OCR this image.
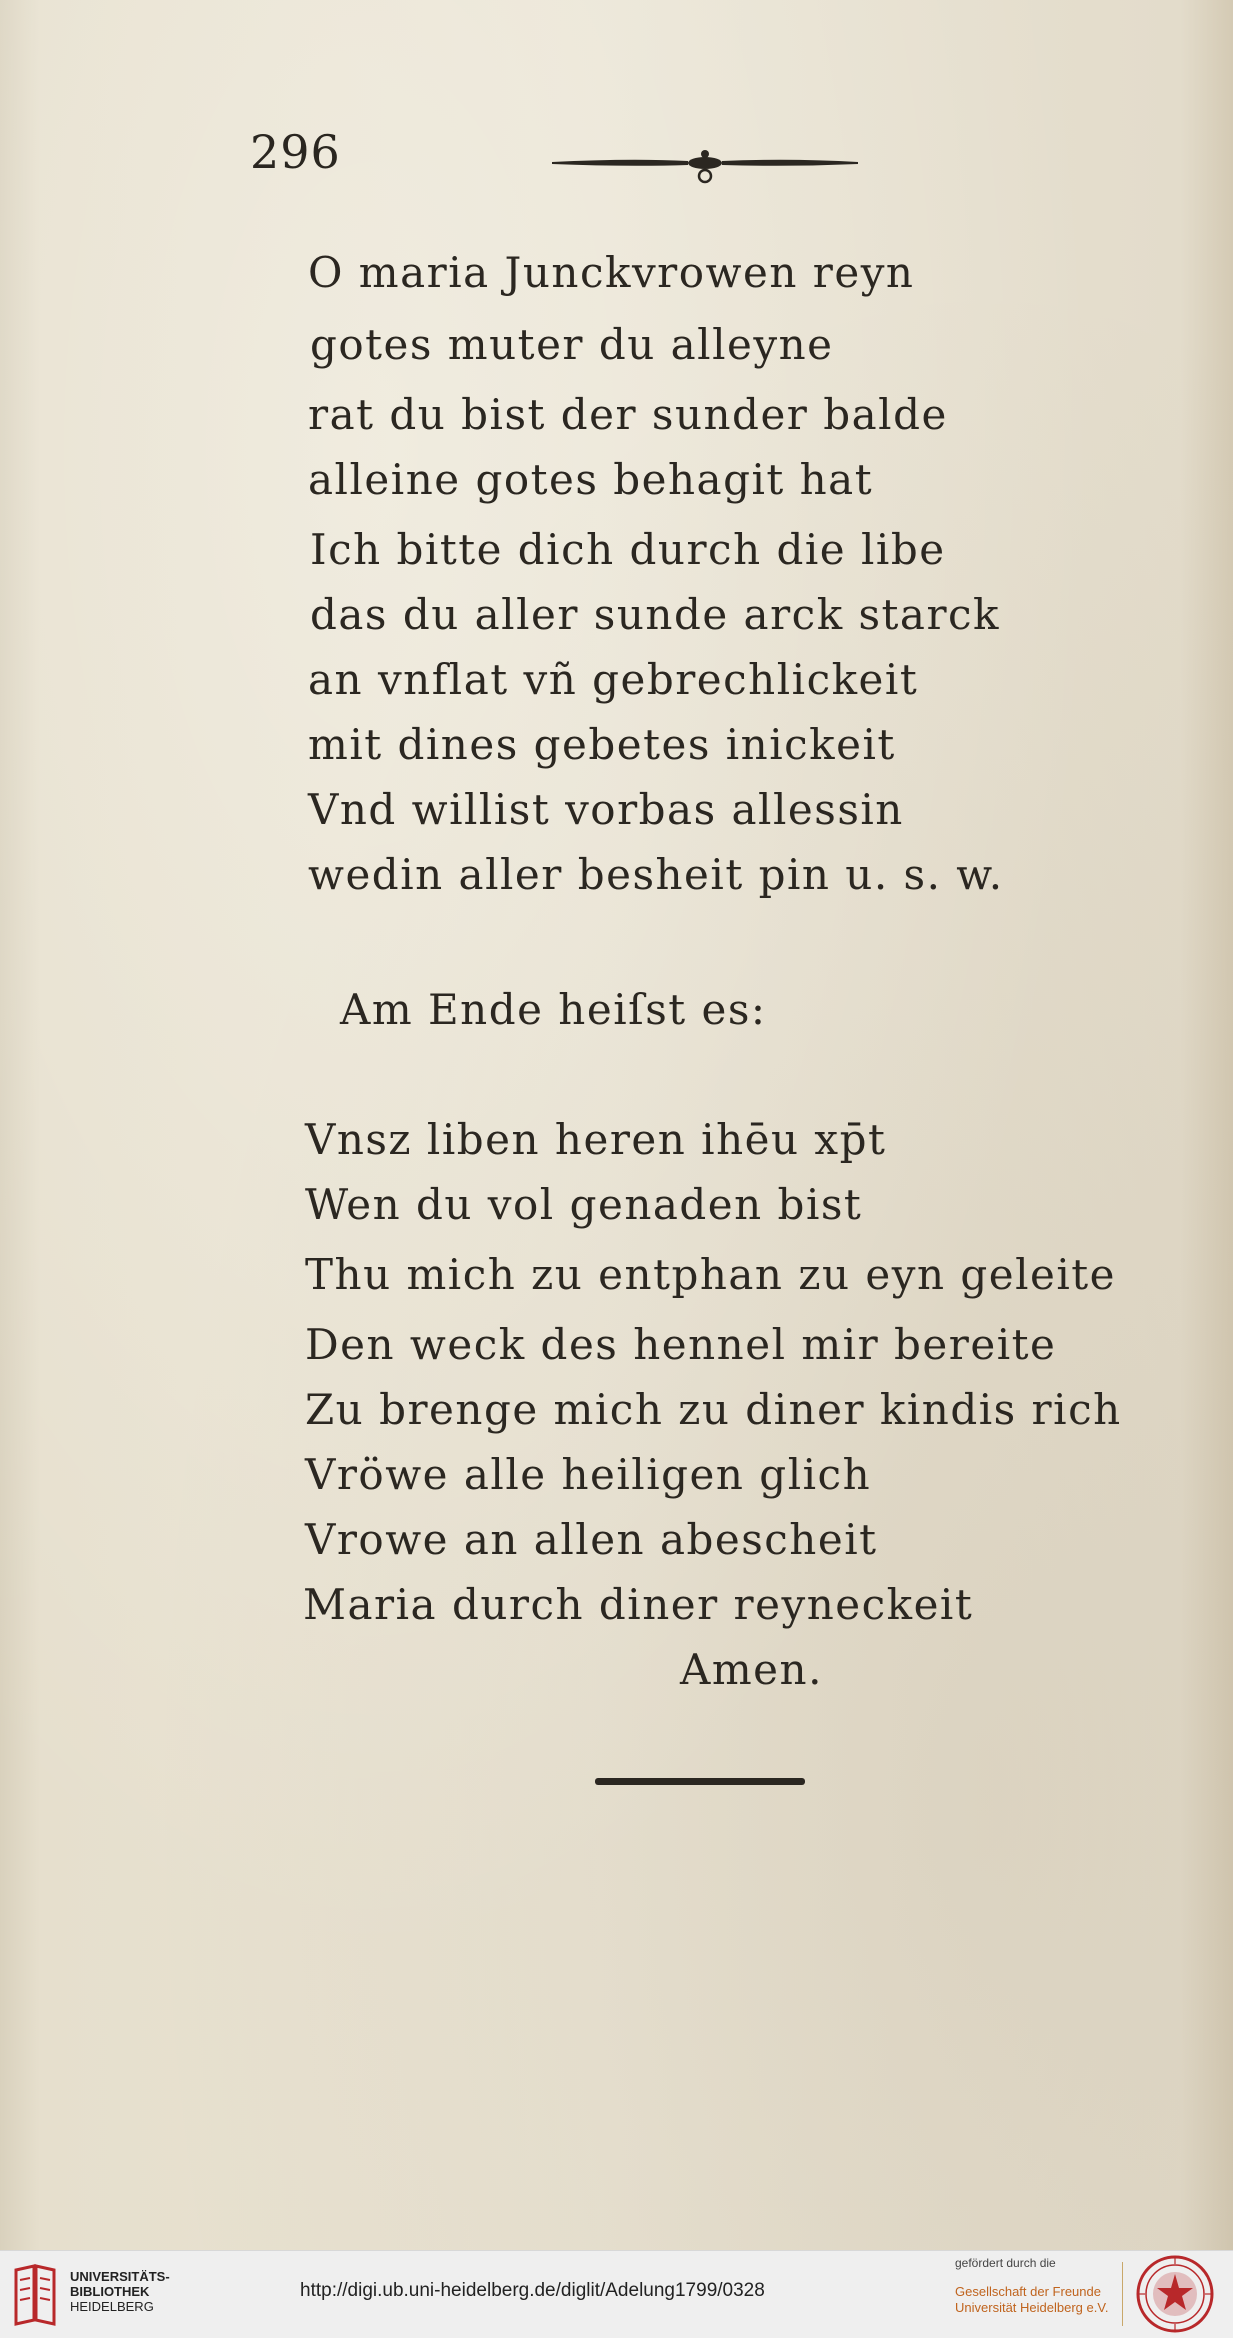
296
O maria Junckvrowen reyn
gotes muter du alleyne
rat du bist der sunder balde
alleine gotes behagit hat
Ich bitte dich durch die libe
das du aller sunde arck starck
an vnflat vñ gebrechlickeit
mit dines gebetes inickeit
Vnd willist vorbas allessin
wedin aller besheit pin u. s. w.
Am Ende heiſst es:
Vnsz liben heren ihēu xp̄t
Wen du vol genaden bist
Thu mich zu entphan zu eyn geleite
Den weck des hennel mir bereite
Zu brenge mich zu diner kindis rich
Vröwe alle heiligen glich
Vrowe an allen abescheit
Maria durch diner reyneckeit
Amen.
UNIVERSITÄTS-
BIBLIOTHEK
HEIDELBERG
http://digi.ub.uni-heidelberg.de/diglit/Adelung1799/0328
gefördert durch die
Gesellschaft der Freunde
Universität Heidelberg e.V.
